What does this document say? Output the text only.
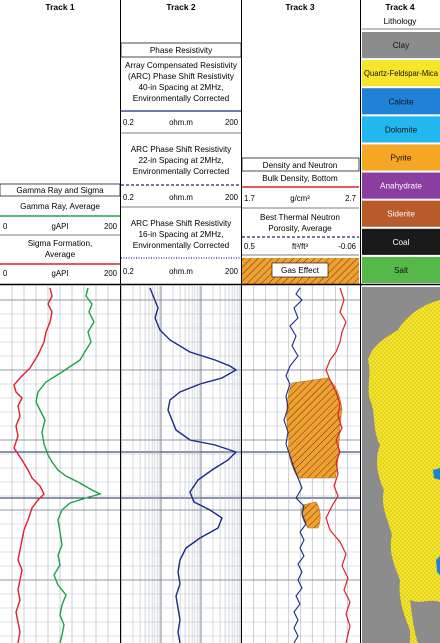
Track 1	Track 2	Track 3	Track 4
Gamma Ray and Sigma
Gamma Ray, Average
0	gAPI	200
Sigma Formation,
Average
0	gAPI	200
Phase Resistivity
Array Compensated Resistivity
(ARC) Phase Shift Resistivity
40-in Spacing at 2MHz,
Environmentally Corrected
0.2	ohm.m	200
ARC Phase Shift Resistivity
22-in Spacing at 2MHz,
Environmentally Corrected
0.2	ohm.m	200
ARC Phase Shift Resistivity
16-in Spacing at 2MHz,
Environmentally Corrected
0.2	ohm.m	200
Density and Neutron
Bulk Density, Bottom
1.7	g/cm³	2.7
Best Thermal Neutron
Porosity, Average
0.5	ft³/ft³	-0.06
Gas Effect
Lithology
Clay
Quartz-Feldspar-Mica
Calcite
Dolomite
Pyrite
Anahydrate
Siderite
Coal
Salt
